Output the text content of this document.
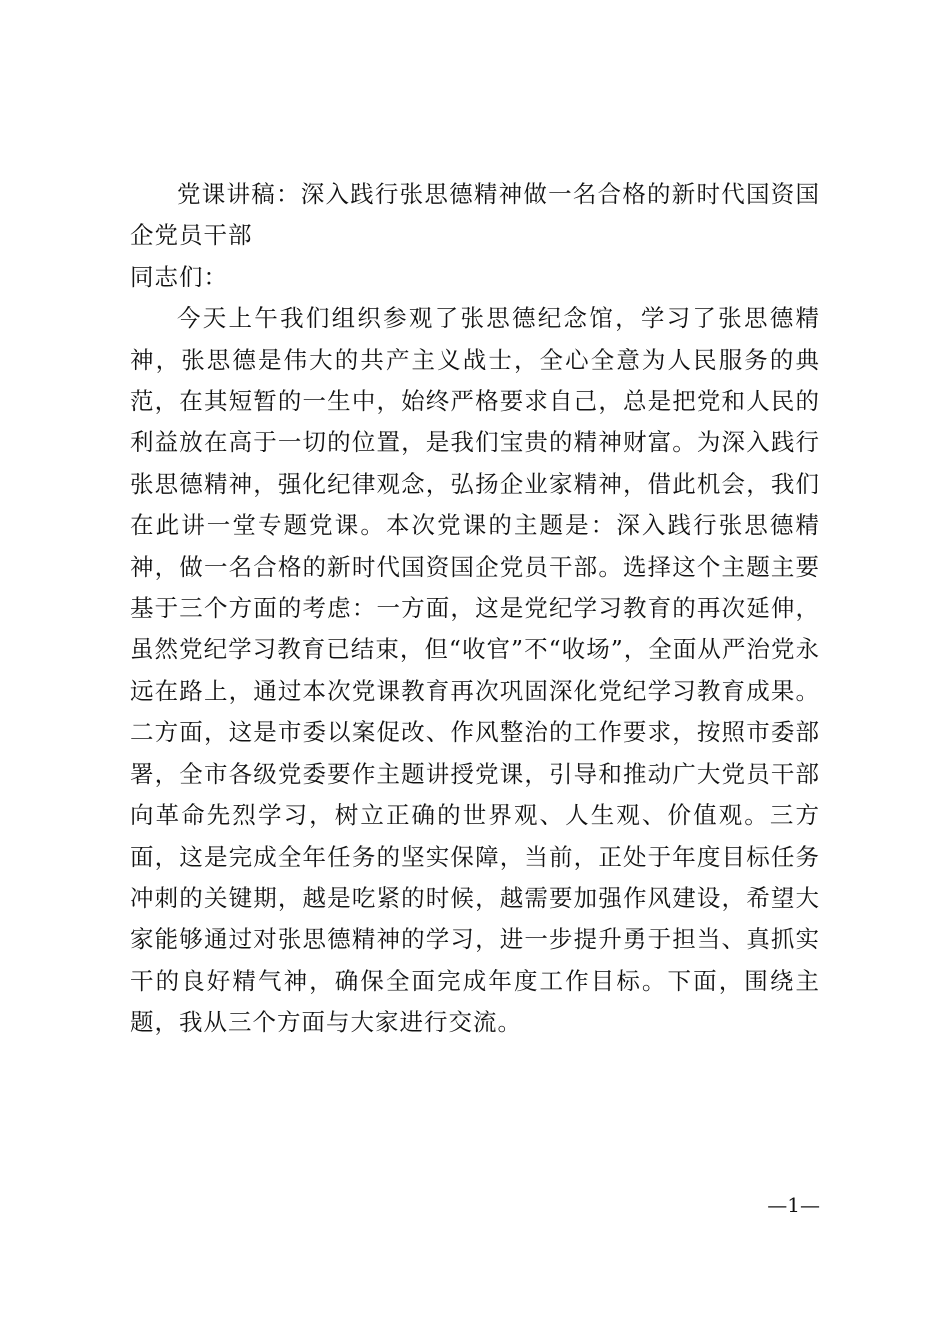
党课讲稿：深入践行张思德精神做一名合格的新时代国资国企党员干部

同志们：

今天上午我们组织参观了张思德纪念馆，学习了张思德精神，张思德是伟大的共产主义战士，全心全意为人民服务的典范，在其短暂的一生中，始终严格要求自己，总是把党和人民的利益放在高于一切的位置，是我们宝贵的精神财富。为深入践行张思德精神，强化纪律观念，弘扬企业家精神，借此机会，我们在此讲一堂专题党课。本次党课的主题是：深入践行张思德精神，做一名合格的新时代国资国企党员干部。选择这个主题主要基于三个方面的考虑：一方面，这是党纪学习教育的再次延伸，虽然党纪学习教育已结束，但“收官”不“收场”，全面从严治党永远在路上，通过本次党课教育再次巩固深化党纪学习教育成果。二方面，这是市委以案促改、作风整治的工作要求，按照市委部署，全市各级党委要作主题讲授党课，引导和推动广大党员干部向革命先烈学习，树立正确的世界观、人生观、价值观。三方面，这是完成全年任务的坚实保障，当前，正处于年度目标任务冲刺的关键期，越是吃紧的时候，越需要加强作风建设，希望大家能够通过对张思德精神的学习，进一步提升勇于担当、真抓实干的良好精气神，确保全面完成年度工作目标。下面，围绕主题，我从三个方面与大家进行交流。

—1—
